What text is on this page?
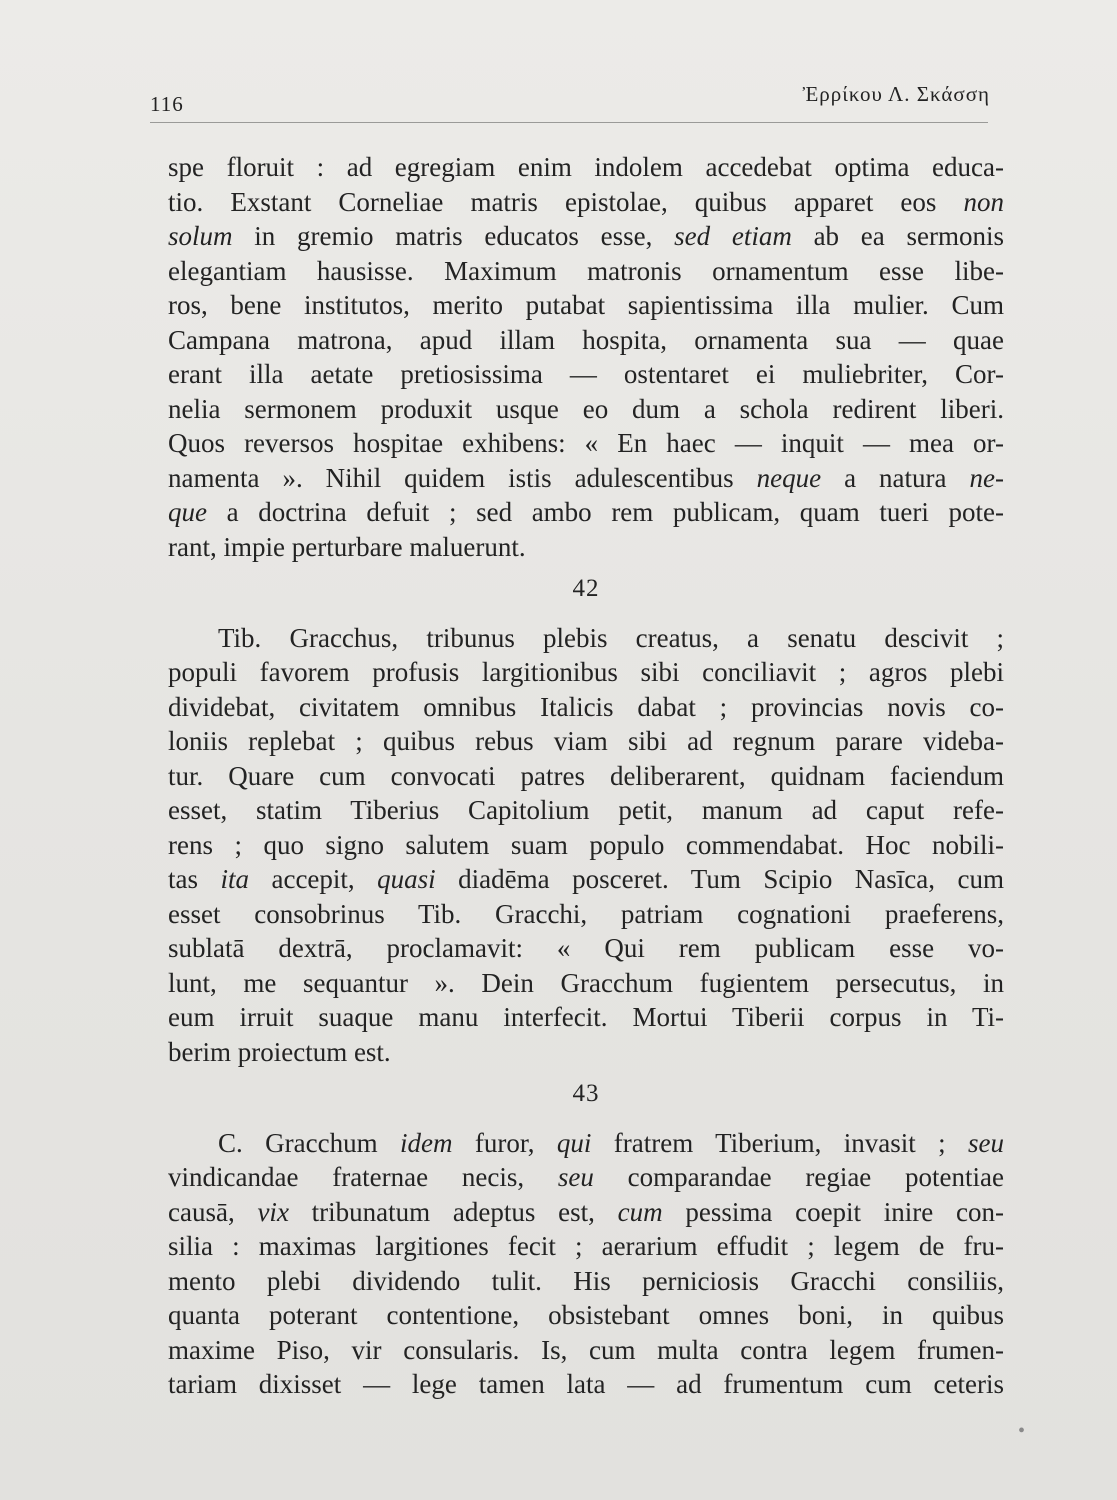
116	Ἐρρίκου Λ. Σκάσση

spe floruit : ad egregiam enim indolem accedebat optima educa-
tio. Exstant Corneliae matris epistolae, quibus apparet eos non
solum in gremio matris educatos esse, sed etiam ab ea sermonis
elegantiam hausisse. Maximum matronis ornamentum esse libe-
ros, bene institutos, merito putabat sapientissima illa mulier. Cum
Campana matrona, apud illam hospita, ornamenta sua — quae
erant illa aetate pretiosissima — ostentaret ei muliebriter, Cor-
nelia sermonem produxit usque eo dum a schola redirent liberi.
Quos reversos hospitae exhibens: « En haec — inquit — mea or-
namenta ». Nihil quidem istis adulescentibus neque a natura ne-
que a doctrina defuit ; sed ambo rem publicam, quam tueri pote-
rant, impie perturbare maluerunt.

42

Tib. Gracchus, tribunus plebis creatus, a senatu descivit ;
populi favorem profusis largitionibus sibi conciliavit ; agros plebi
dividebat, civitatem omnibus Italicis dabat ; provincias novis co-
loniis replebat ; quibus rebus viam sibi ad regnum parare videba-
tur. Quare cum convocati patres deliberarent, quidnam faciendum
esset, statim Tiberius Capitolium petit, manum ad caput refe-
rens ; quo signo salutem suam populo commendabat. Hoc nobili-
tas ita accepit, quasi diadēma posceret. Tum Scipio Nasīca, cum
esset consobrinus Tib. Gracchi, patriam cognationi praeferens,
sublatā dextrā, proclamavit: « Qui rem publicam esse vo-
lunt, me sequantur ». Dein Gracchum fugientem persecutus, in
eum irruit suaque manu interfecit. Mortui Tiberii corpus in Ti-
berim proiectum est.

43

C. Gracchum idem furor, qui fratrem Tiberium, invasit ; seu
vindicandae fraternae necis, seu comparandae regiae potentiae
causā, vix tribunatum adeptus est, cum pessima coepit inire con-
silia : maximas largitiones fecit ; aerarium effudit ; legem de fru-
mento plebi dividendo tulit. His perniciosis Gracchi consiliis,
quanta poterant contentione, obsistebant omnes boni, in quibus
maxime Piso, vir consularis. Is, cum multa contra legem frumen-
tariam dixisset — lege tamen lata — ad frumentum cum ceteris

•
